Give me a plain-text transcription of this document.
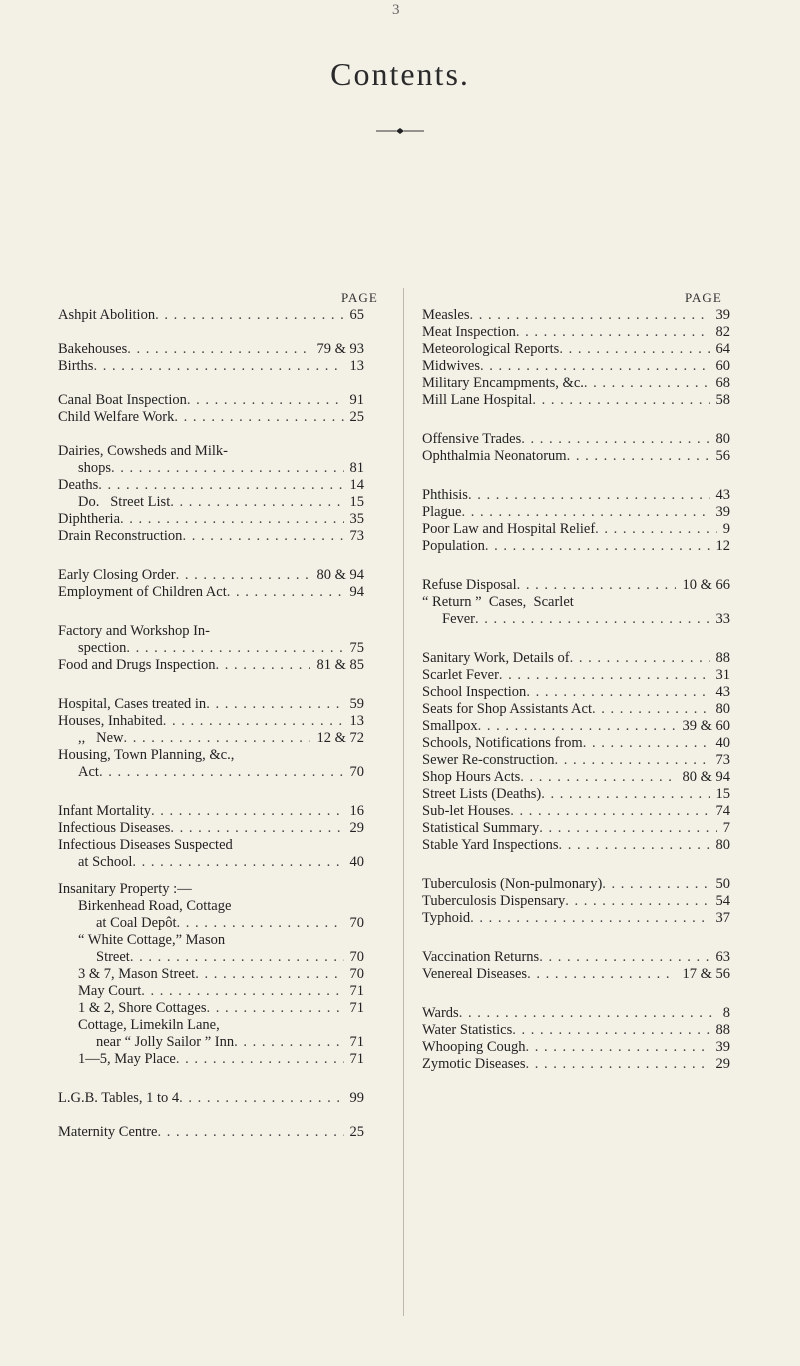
3
Contents.
PAGE	PAGE
Ashpit Abolition . . .	65
Bakehouses . . .	79 & 93
Births . . .	13
Canal Boat Inspection . . .	91
Child Welfare Work . . .	25
Dairies, Cowsheds and Milk-
shops . . .	81
Deaths . . .	14
Do.   Street List . . .	15
Diphtheria . . .	35
Drain Reconstruction . . .	73
Early Closing Order . . .	80 & 94
Employment of Children Act . . .	94
Factory and Workshop In-
spection . . .	75
Food and Drugs Inspection . . .	81 & 85
Hospital, Cases treated in . . .	59
Houses, Inhabited . . .	13
,,   New . . .	12 & 72
Housing, Town Planning, &c.,
Act . . .	70
Infant Mortality . . .	16
Infectious Diseases . . .	29
Infectious Diseases Suspected
at School . . .	40
Insanitary Property :—
Birkenhead Road, Cottage
at Coal Depôt . . .	70
“ White Cottage,” Mason
Street . . .	70
3 & 7, Mason Street . . .	70
May Court . . .	71
1 & 2, Shore Cottages . . .	71
Cottage, Limekiln Lane,
near “ Jolly Sailor ” Inn . . .	71
1—5, May Place . . .	71
L.G.B. Tables, 1 to 4 . . .	99
Maternity Centre . . .	25
Measles . . .	39
Meat Inspection . . .	82
Meteorological Reports . . .	64
Midwives . . .	60
Military Encampments, &c. . . .	68
Mill Lane Hospital . . .	58
Offensive Trades . . .	80
Ophthalmia Neonatorum . . .	56
Phthisis . . .	43
Plague . . .	39
Poor Law and Hospital Relief . . .	9
Population . . .	12
Refuse Disposal . . .	10 & 66
“ Return ”  Cases,  Scarlet
Fever . . .	33
Sanitary Work, Details of . . .	88
Scarlet Fever . . .	31
School Inspection . . .	43
Seats for Shop Assistants Act . . .	80
Smallpox . . .	39 & 60
Schools, Notifications from . . .	40
Sewer Re-construction . . .	73
Shop Hours Acts . . .	80 & 94
Street Lists (Deaths) . . .	15
Sub-let Houses . . .	74
Statistical Summary . . .	7
Stable Yard Inspections . . .	80
Tuberculosis (Non-pulmonary) . . .	50
Tuberculosis Dispensary . . .	54
Typhoid . . .	37
Vaccination Returns . . .	63
Venereal Diseases . . .	17 & 56
Wards . . .	8
Water Statistics . . .	88
Whooping Cough . . .	39
Zymotic Diseases . . .	29
